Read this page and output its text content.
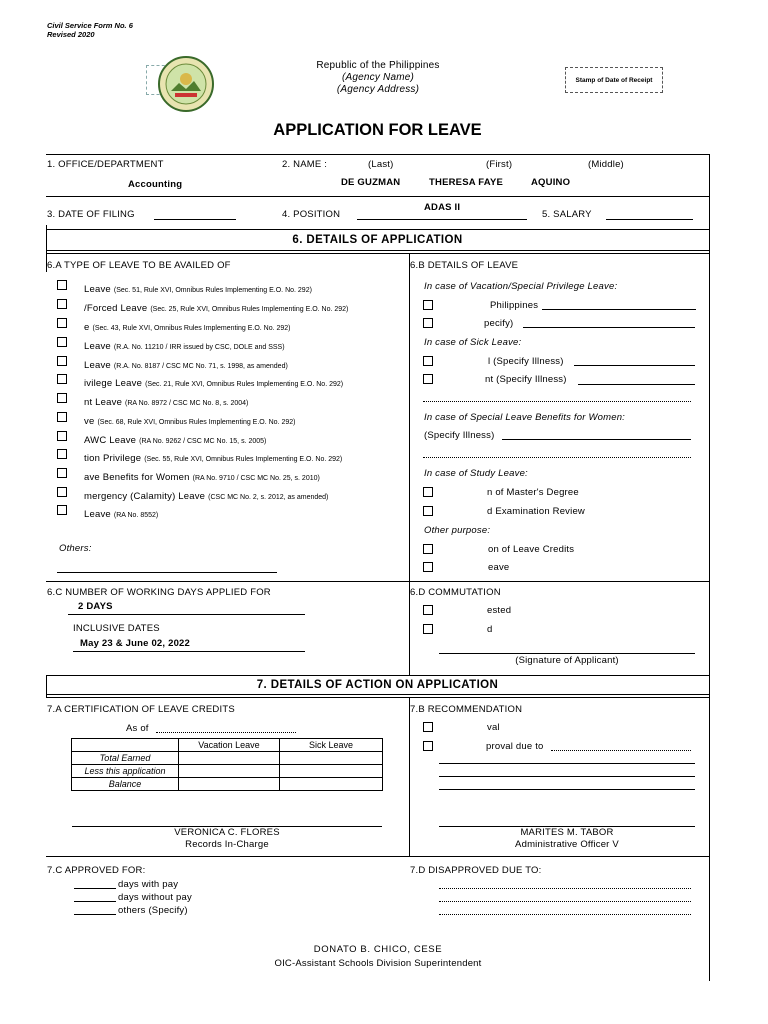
Civil Service Form No. 6
Revised 2020
Republic of the Philippines
(Agency Name)
(Agency Address)
Stamp of Date of Receipt
APPLICATION FOR LEAVE
1. OFFICE/DEPARTMENT
Accounting
2. NAME :	(Last)	(First)	(Middle)
DE GUZMAN	THERESA FAYE	AQUINO
3. DATE OF FILING	4. POSITION
ADAS II
5. SALARY
6. DETAILS OF APPLICATION
6.A TYPE OF LEAVE TO BE AVAILED OF
Leave (Sec. 51, Rule XVI, Omnibus Rules Implementing E.O. No. 292)
/Forced Leave (Sec. 25, Rule XVI, Omnibus Rules Implementing E.O. No. 292)
e (Sec. 43, Rule XVI, Omnibus Rules Implementing E.O. No. 292)
Leave (R.A. No. 11210 / IRR issued by CSC, DOLE and SSS)
Leave (R.A. No. 8187 / CSC MC No. 71, s. 1998, as amended)
ivilege Leave (Sec. 21, Rule XVI, Omnibus Rules Implementing E.O. No. 292)
nt Leave (RA No. 8972 / CSC MC No. 8, s. 2004)
ve (Sec. 68, Rule XVI, Omnibus Rules Implementing E.O. No. 292)
AWC Leave (RA No. 9262 / CSC MC No. 15, s. 2005)
tion Privilege (Sec. 55, Rule XVI, Omnibus Rules Implementing E.O. No. 292)
ave Benefits for Women (RA No. 9710 / CSC MC No. 25, s. 2010)
mergency (Calamity) Leave (CSC MC No. 2, s. 2012, as amended)
Leave (RA No. 8552)
Others:
6.B DETAILS OF LEAVE
In case of Vacation/Special Privilege Leave:
Philippines
pecify)
In case of Sick Leave:
l (Specify Illness)
nt (Specify Illness)
In case of Special Leave Benefits for Women:
(Specify Illness)
In case of Study Leave:
n of Master's Degree
d Examination Review
Other purpose:
on of Leave Credits
eave
6.C NUMBER OF WORKING DAYS APPLIED FOR
2 DAYS
INCLUSIVE DATES
May 23 & June 02, 2022
6.D COMMUTATION
ested
d
(Signature of Applicant)
7. DETAILS OF ACTION ON APPLICATION
7.A CERTIFICATION OF LEAVE CREDITS
As of
	Vacation Leave	Sick Leave
Total Earned		
Less this application		
Balance		
VERONICA C. FLORES
Records In-Charge
7.B RECOMMENDATION
val
proval due to
MARITES M. TABOR
Administrative Officer V
7.C APPROVED FOR:
days with pay
days without pay
others (Specify)
7.D DISAPPROVED DUE TO:
DONATO B. CHICO, CESE
OIC-Assistant Schools Division Superintendent
